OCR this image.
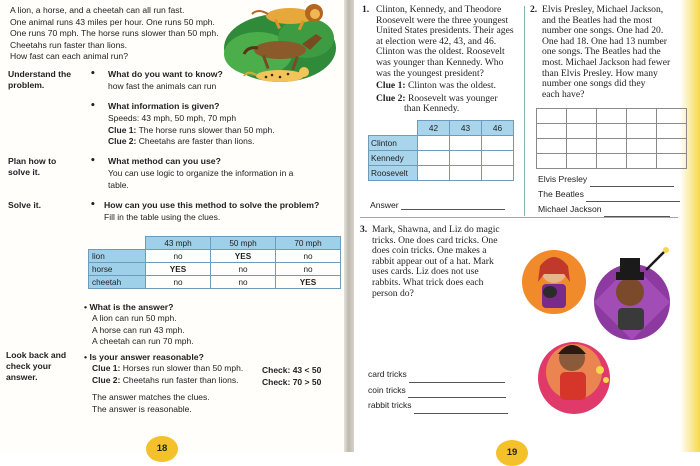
A lion, a horse, and a cheetah can all run fast.
One animal runs 43 miles per hour. One runs 50 mph.
One runs 70 mph. The horse runs slower than 50 mph.
Cheetahs run faster than lions.
How fast can each animal run?
Understand the
problem.
Plan how to
solve it.
Solve it.
Look back and
check your
answer.
• What do you want to know?
how fast the animals can run
• What information is given?
Speeds: 43 mph, 50 mph, 70 mph
Clue 1: The horse runs slower than 50 mph.
Clue 2: Cheetahs are faster than lions.
• What method can you use?
You can use logic to organize the information in a
table.
• How can you use this method to solve the problem?
Fill in the table using the clues.
	43 mph	50 mph	70 mph
lion	no	YES	no
horse	YES	no	no
cheetah	no	no	YES
• What is the answer?
A lion can run 50 mph.
A horse can run 43 mph.
A cheetah can run 70 mph.
• Is your answer reasonable?
Clue 1: Horses run slower than 50 mph.
Clue 2: Cheetahs run faster than lions.
Check: 43 < 50
Check: 70 > 50
The answer matches the clues.
The answer is reasonable.
18
1. Clinton, Kennedy, and Theodore
Roosevelt were the three youngest
United States presidents. Their ages
at election were 42, 43, and 46.
Clinton was the oldest. Roosevelt
was younger than Kennedy. Who
was the youngest president?
Clue 1: Clinton was the oldest.
Clue 2: Roosevelt was younger
than Kennedy.
	42	43	46
Clinton			
Kennedy			
Roosevelt			
Answer
2. Elvis Presley, Michael Jackson,
and the Beatles had the most
number one songs. One had 20.
One had 18. One had 13 number
one songs. The Beatles had the
most. Michael Jackson had fewer
than Elvis Presley. How many
number one songs did they
each have?

Elvis Presley
The Beatles
Michael Jackson
3. Mark, Shawna, and Liz do magic
tricks. One does card tricks. One
does coin tricks. One makes a
rabbit appear out of a hat. Mark
uses cards. Liz does not use
rabbits. What trick does each
person do?
card tricks
coin tricks
rabbit tricks
19
